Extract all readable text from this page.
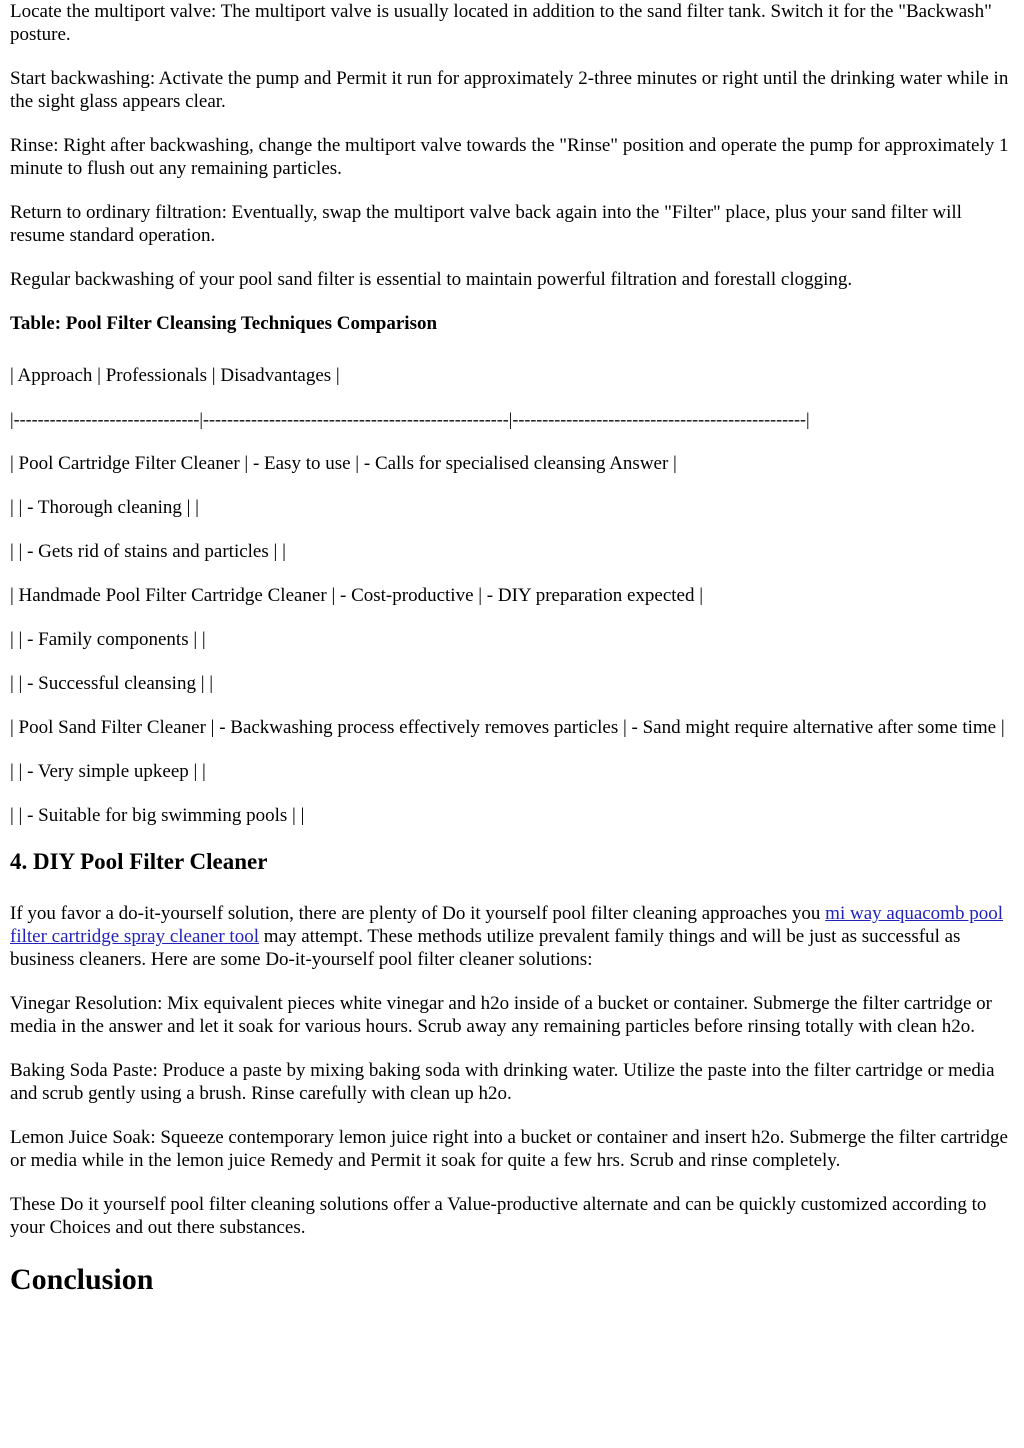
Locate the multiport valve: The multiport valve is usually located in addition to the sand filter tank. Switch it for the "Backwash" posture.

Start backwashing: Activate the pump and Permit it run for approximately 2-three minutes or right until the drinking water while in the sight glass appears clear.

Rinse: Right after backwashing, change the multiport valve towards the "Rinse" position and operate the pump for approximately 1 minute to flush out any remaining particles.

Return to ordinary filtration: Eventually, swap the multiport valve back again into the "Filter" place, plus your sand filter will resume standard operation.

Regular backwashing of your pool sand filter is essential to maintain powerful filtration and forestall clogging.

Table: Pool Filter Cleansing Techniques Comparison

| Approach | Professionals | Disadvantages |

|-------------------------------|---------------------------------------------------|-------------------------------------------------|

| Pool Cartridge Filter Cleaner | - Easy to use | - Calls for specialised cleansing Answer |

| | - Thorough cleaning | |

| | - Gets rid of stains and particles | |

| Handmade Pool Filter Cartridge Cleaner | - Cost-productive | - DIY preparation expected |

| | - Family components | |

| | - Successful cleansing | |

| Pool Sand Filter Cleaner | - Backwashing process effectively removes particles | - Sand might require alternative after some time |

| | - Very simple upkeep | |

| | - Suitable for big swimming pools | |

4. DIY Pool Filter Cleaner

If you favor a do-it-yourself solution, there are plenty of Do it yourself pool filter cleaning approaches you mi way aquacomb pool filter cartridge spray cleaner tool may attempt. These methods utilize prevalent family things and will be just as successful as business cleaners. Here are some Do-it-yourself pool filter cleaner solutions:

Vinegar Resolution: Mix equivalent pieces white vinegar and h2o inside of a bucket or container. Submerge the filter cartridge or media in the answer and let it soak for various hours. Scrub away any remaining particles before rinsing totally with clean h2o.

Baking Soda Paste: Produce a paste by mixing baking soda with drinking water. Utilize the paste into the filter cartridge or media and scrub gently using a brush. Rinse carefully with clean up h2o.

Lemon Juice Soak: Squeeze contemporary lemon juice right into a bucket or container and insert h2o. Submerge the filter cartridge or media while in the lemon juice Remedy and Permit it soak for quite a few hrs. Scrub and rinse completely.

These Do it yourself pool filter cleaning solutions offer a Value-productive alternate and can be quickly customized according to your Choices and out there substances.

Conclusion
